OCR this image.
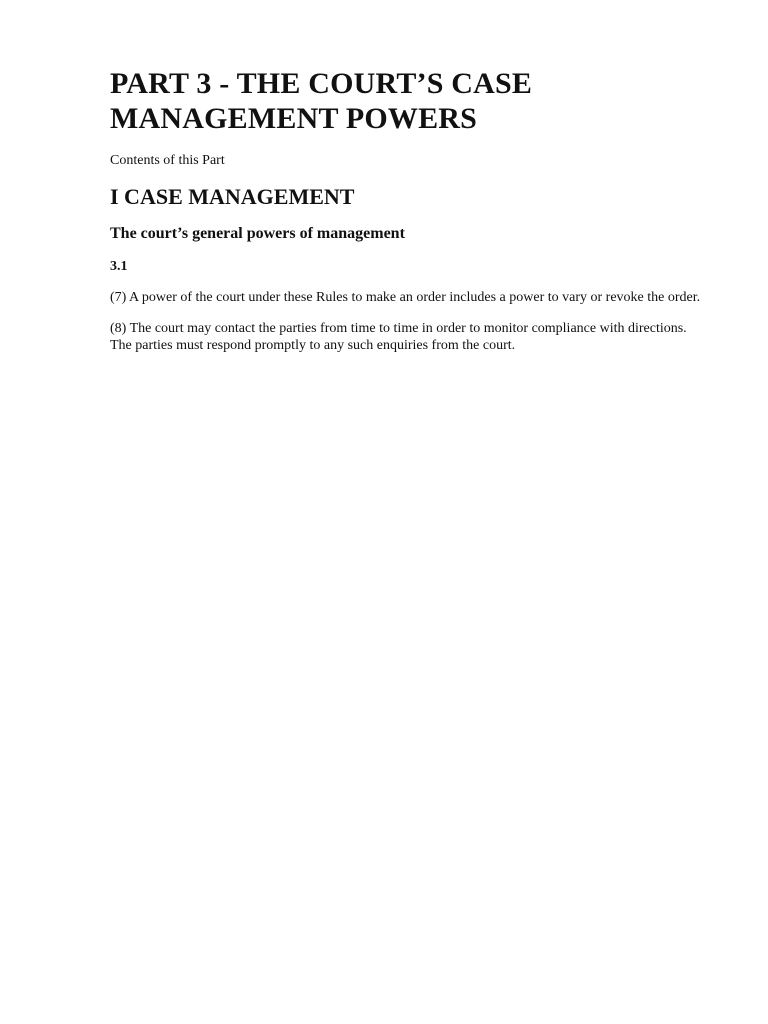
PART 3 - THE COURT’S CASE
MANAGEMENT POWERS

Contents of this Part

I CASE MANAGEMENT
The court’s general powers of management

3.1

(7) A power of the court under these Rules to make an order includes a power to vary or revoke the order.

(8) The court may contact the parties from time to time in order to monitor compliance with directions. The parties must respond promptly to any such enquiries from the court.
